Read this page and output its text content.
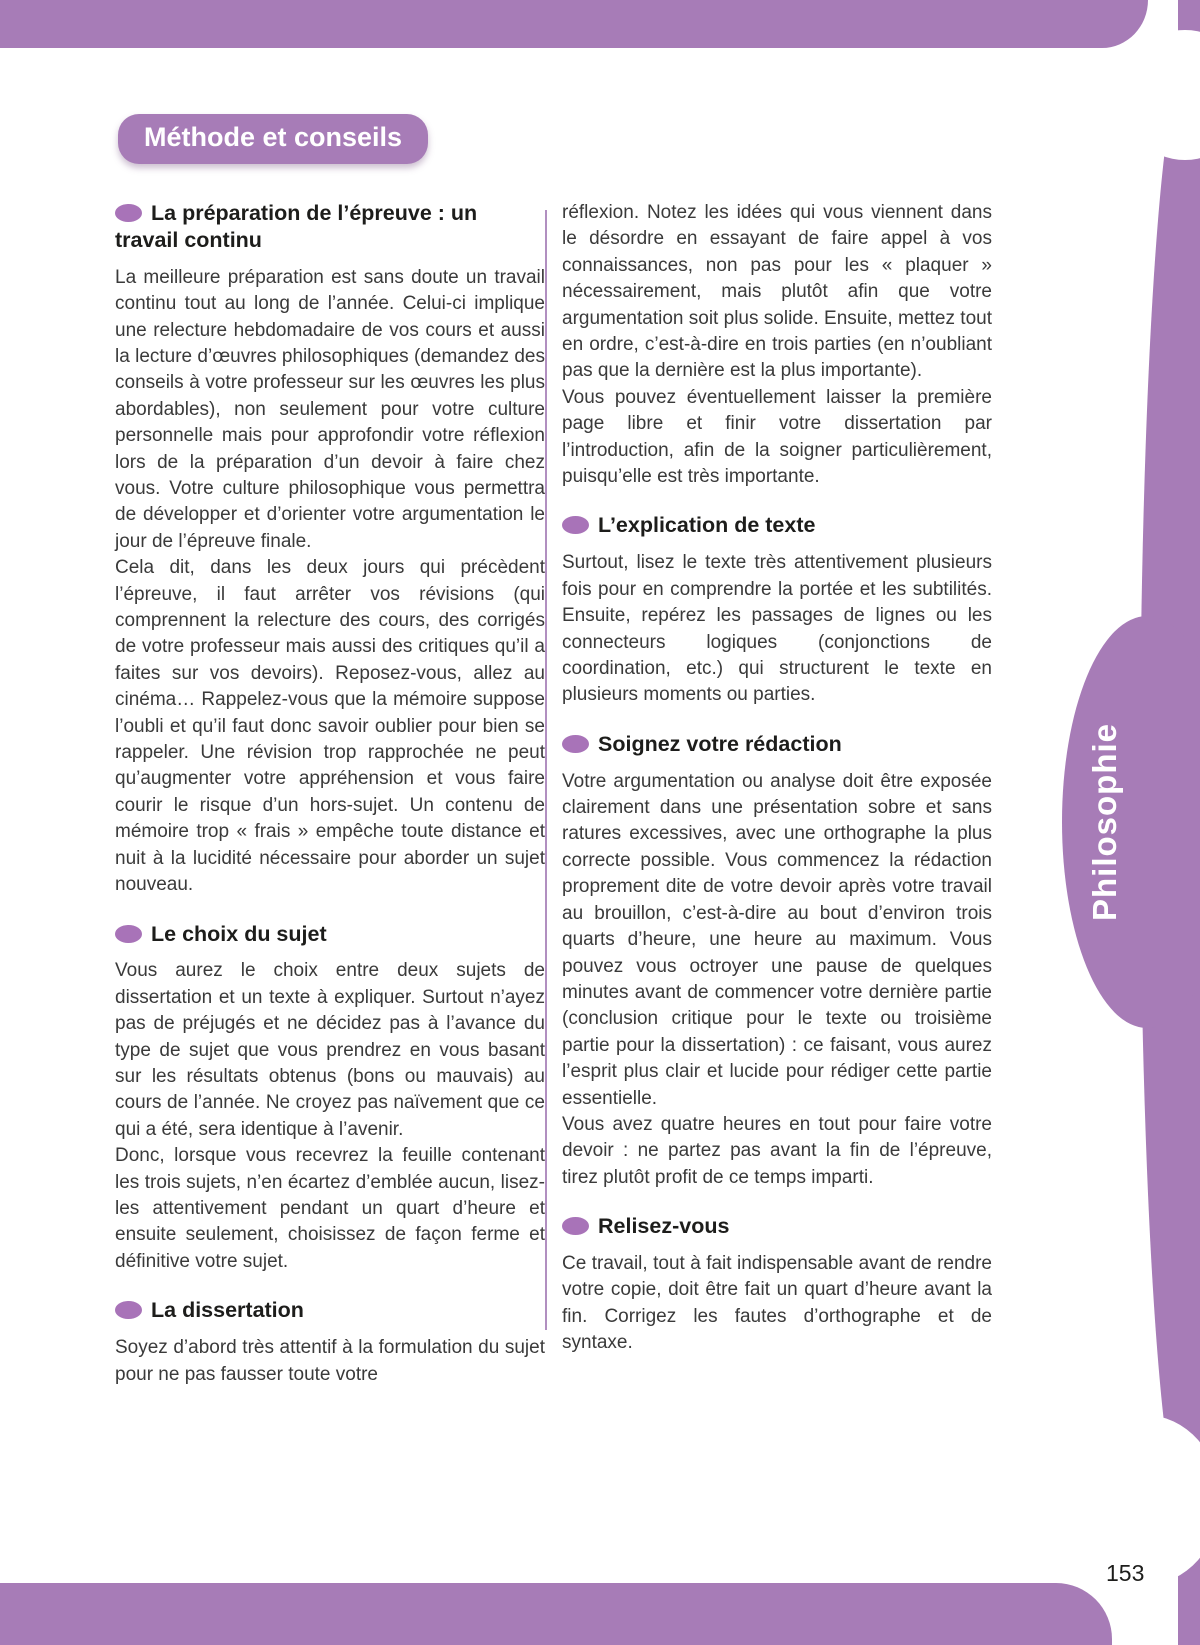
Philosophie
Méthode et conseils
La préparation de l’épreuve : un travail continu

La meilleure préparation est sans doute un travail continu tout au long de l’année. Celui-ci implique une relecture hebdomadaire de vos cours et aussi la lecture d’œuvres philosophiques (demandez des conseils à votre professeur sur les œuvres les plus abordables), non seulement pour votre culture personnelle mais pour approfondir votre réflexion lors de la préparation d’un devoir à faire chez vous. Votre culture philosophique vous permettra de développer et d’orienter votre argumentation le jour de l’épreuve finale.

Cela dit, dans les deux jours qui précèdent l’épreuve, il faut arrêter vos révisions (qui comprennent la relecture des cours, des corrigés de votre professeur mais aussi des critiques qu’il a faites sur vos devoirs). Reposez-vous, allez au cinéma… Rappelez-vous que la mémoire suppose l’oubli et qu’il faut donc savoir oublier pour bien se rappeler. Une révision trop rapprochée ne peut qu’augmenter votre appréhension et vous faire courir le risque d’un hors-sujet. Un contenu de mémoire trop « frais » empêche toute distance et nuit à la lucidité nécessaire pour aborder un sujet nouveau.

Le choix du sujet

Vous aurez le choix entre deux sujets de dissertation et un texte à expliquer. Surtout n’ayez pas de préjugés et ne décidez pas à l’avance du type de sujet que vous prendrez en vous basant sur les résultats obtenus (bons ou mauvais) au cours de l’année. Ne croyez pas naïvement que ce qui a été, sera identique à l’avenir.

Donc, lorsque vous recevrez la feuille contenant les trois sujets, n’en écartez d’emblée aucun, lisez-les attentivement pendant un quart d’heure et ensuite seulement, choisissez de façon ferme et définitive votre sujet.

La dissertation

Soyez d’abord très attentif à la formulation du sujet pour ne pas fausser toute votre

réflexion. Notez les idées qui vous viennent dans le désordre en essayant de faire appel à vos connaissances, non pas pour les « plaquer » nécessairement, mais plutôt afin que votre argumentation soit plus solide. Ensuite, mettez tout en ordre, c’est-à-dire en trois parties (en n’oubliant pas que la dernière est la plus importante).

Vous pouvez éventuellement laisser la première page libre et finir votre dissertation par l’introduction, afin de la soigner particulièrement, puisqu’elle est très importante.

L’explication de texte

Surtout, lisez le texte très attentivement plusieurs fois pour en comprendre la portée et les subtilités. Ensuite, repérez les passages de lignes ou les connecteurs logiques (conjonctions de coordination, etc.) qui structurent le texte en plusieurs moments ou parties.

Soignez votre rédaction

Votre argumentation ou analyse doit être exposée clairement dans une présentation sobre et sans ratures excessives, avec une orthographe la plus correcte possible. Vous commencez la rédaction proprement dite de votre devoir après votre travail au brouillon, c’est-à-dire au bout d’environ trois quarts d’heure, une heure au maximum. Vous pouvez vous octroyer une pause de quelques minutes avant de commencer votre dernière partie (conclusion critique pour le texte ou troisième partie pour la dissertation) : ce faisant, vous aurez l’esprit plus clair et lucide pour rédiger cette partie essentielle.

Vous avez quatre heures en tout pour faire votre devoir : ne partez pas avant la fin de l’épreuve, tirez plutôt profit de ce temps imparti.

Relisez-vous

Ce travail, tout à fait indispensable avant de rendre votre copie, doit être fait un quart d’heure avant la fin. Corrigez les fautes d’orthographe et de syntaxe.

153
